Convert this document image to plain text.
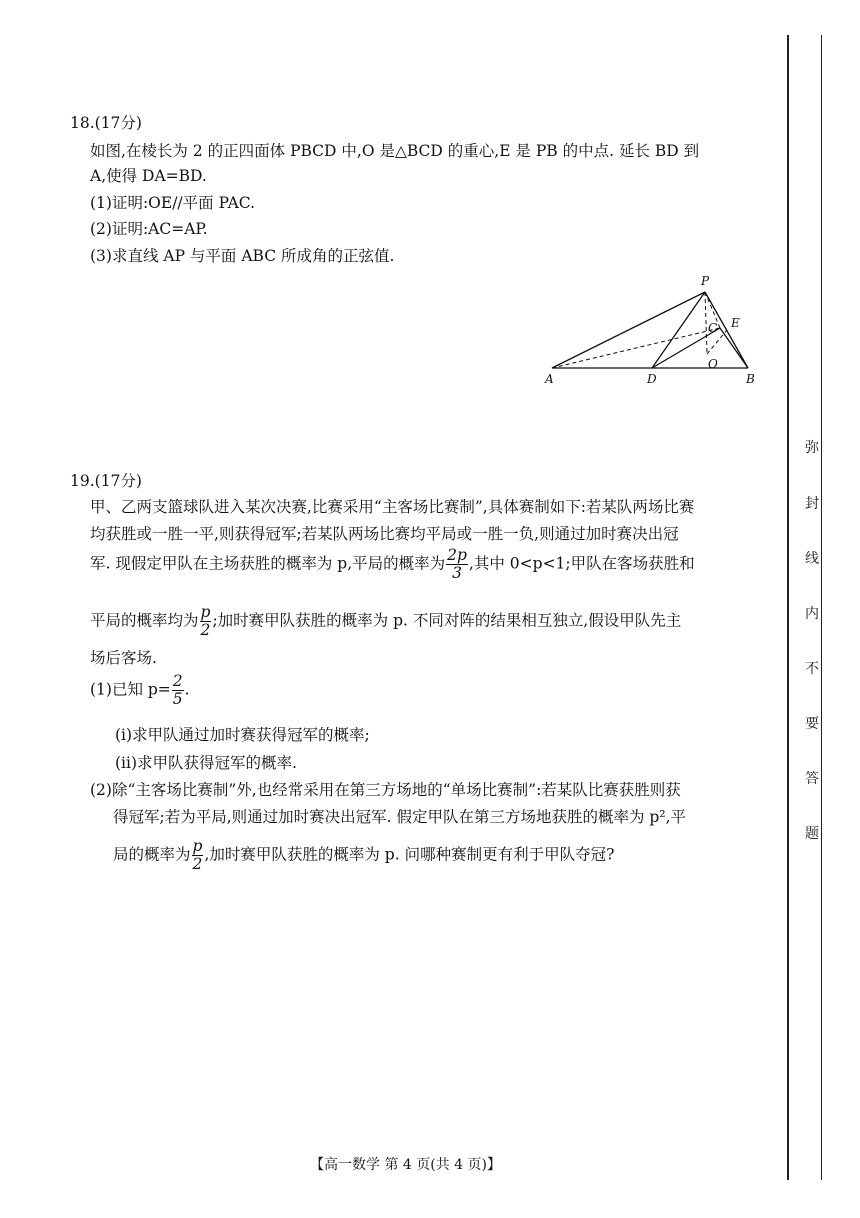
18.(17分)
如图,在棱长为 2 的正四面体 PBCD 中,O 是△BCD 的重心,E 是 PB 的中点. 延长 BD 到
A,使得 DA=BD.
(1)证明:OE//平面 PAC.
(2)证明:AC=AP.
(3)求直线 AP 与平面 ABC 所成角的正弦值.
P
C E
O
A	D	B
19.(17分)
甲、乙两支篮球队进入某次决赛,比赛采用“主客场比赛制”,具体赛制如下:若某队两场比赛
均获胜或一胜一平,则获得冠军;若某队两场比赛均平局或一胜一负,则通过加时赛决出冠
军. 现假定甲队在主场获胜的概率为 p,平局的概率为 $\frac{2p}{3}$ ,其中 0<p<1;甲队在客场获胜和
平局的概率均为 $\frac{p}{2}$ ;加时赛甲队获胜的概率为 p. 不同对阵的结果相互独立,假设甲队先主
场后客场.
(1)已知 $p= \frac{2}{5}$ .
(ⅰ)求甲队通过加时赛获得冠军的概率;
(ⅱ)求甲队获得冠军的概率.
(2)除“主客场比赛制”外,也经常采用在第三方场地的“单场比赛制”:若某队比赛获胜则获
得冠军;若为平局,则通过加时赛决出冠军. 假定甲队在第三方场地获胜的概率为 p²,平
局的概率为 $\frac{p}{2}$ ,加时赛甲队获胜的概率为 p. 问哪种赛制更有利于甲队夺冠?
【高一数学 第 4 页(共 4 页)】
弥
封
线
内
不
要
答
题
